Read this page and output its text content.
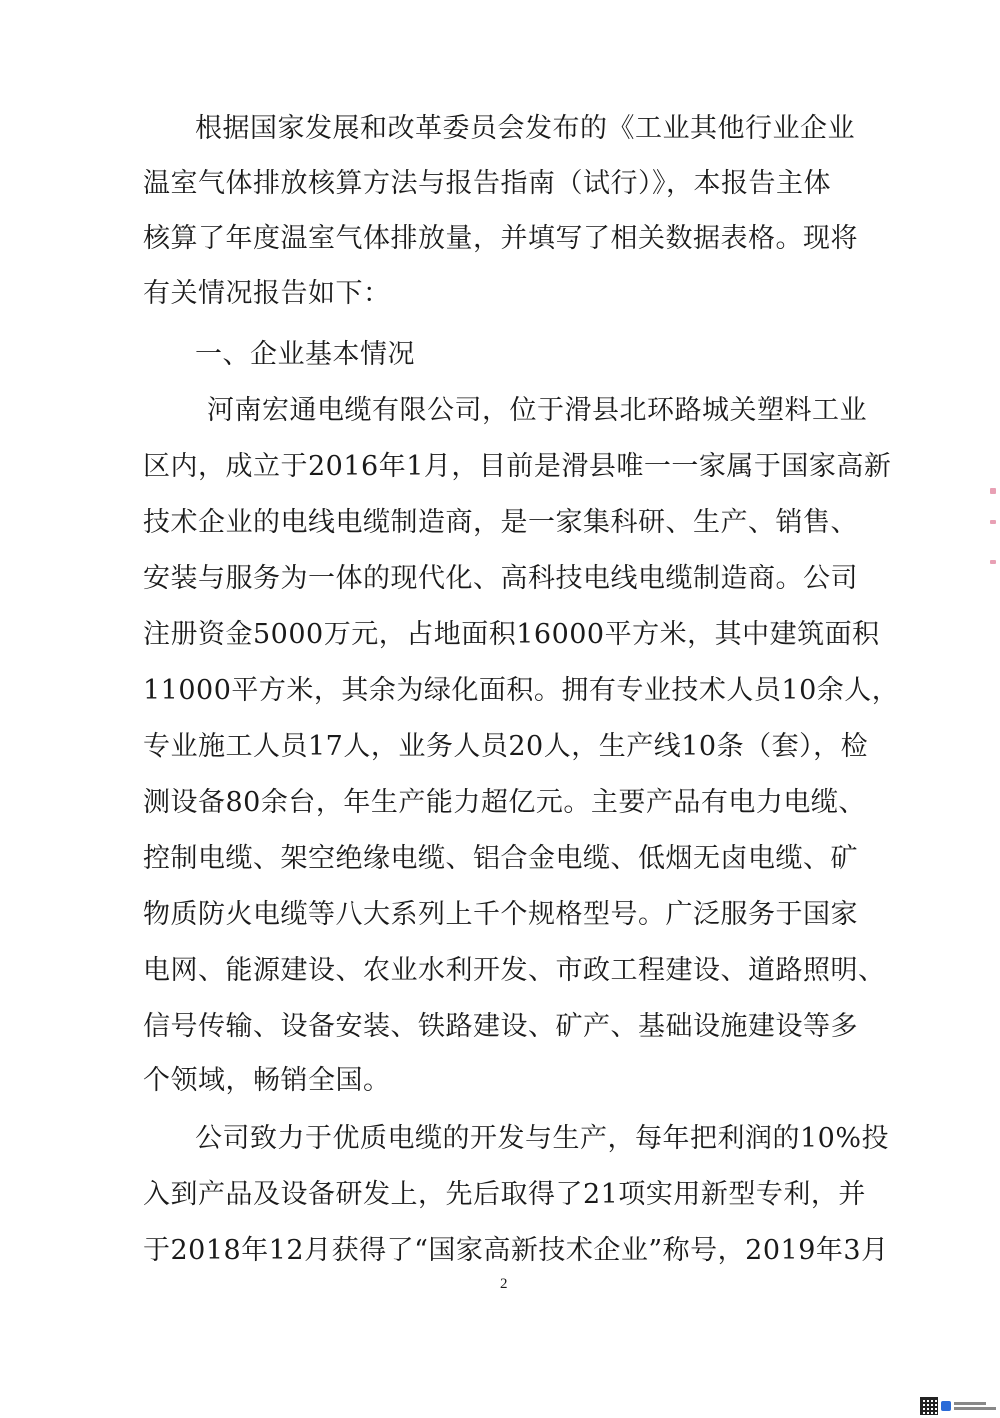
根据国家发展和改革委员会发布的《工业其他行业企业
温室气体排放核算方法与报告指南（试行）》，本报告主体
核算了年度温室气体排放量，并填写了相关数据表格。现将
有关情况报告如下：
一、企业基本情况
河南宏通电缆有限公司，位于滑县北环路城关塑料工业
区内，成立于2016年1月，目前是滑县唯一一家属于国家高新
技术企业的电线电缆制造商，是一家集科研、生产、销售、
安装与服务为一体的现代化、高科技电线电缆制造商。公司
注册资金5000万元，占地面积16000平方米，其中建筑面积
11000平方米，其余为绿化面积。拥有专业技术人员10余人，
专业施工人员17人，业务人员20人，生产线10条（套），检
测设备80余台，年生产能力超亿元。主要产品有电力电缆、
控制电缆、架空绝缘电缆、铝合金电缆、低烟无卤电缆、矿
物质防火电缆等八大系列上千个规格型号。广泛服务于国家
电网、能源建设、农业水利开发、市政工程建设、道路照明、
信号传输、设备安装、铁路建设、矿产、基础设施建设等多
个领域，畅销全国。
公司致力于优质电缆的开发与生产，每年把利润的10%投
入到产品及设备研发上，先后取得了21项实用新型专利，并
于2018年12月获得了“国家高新技术企业”称号，2019年3月
2
